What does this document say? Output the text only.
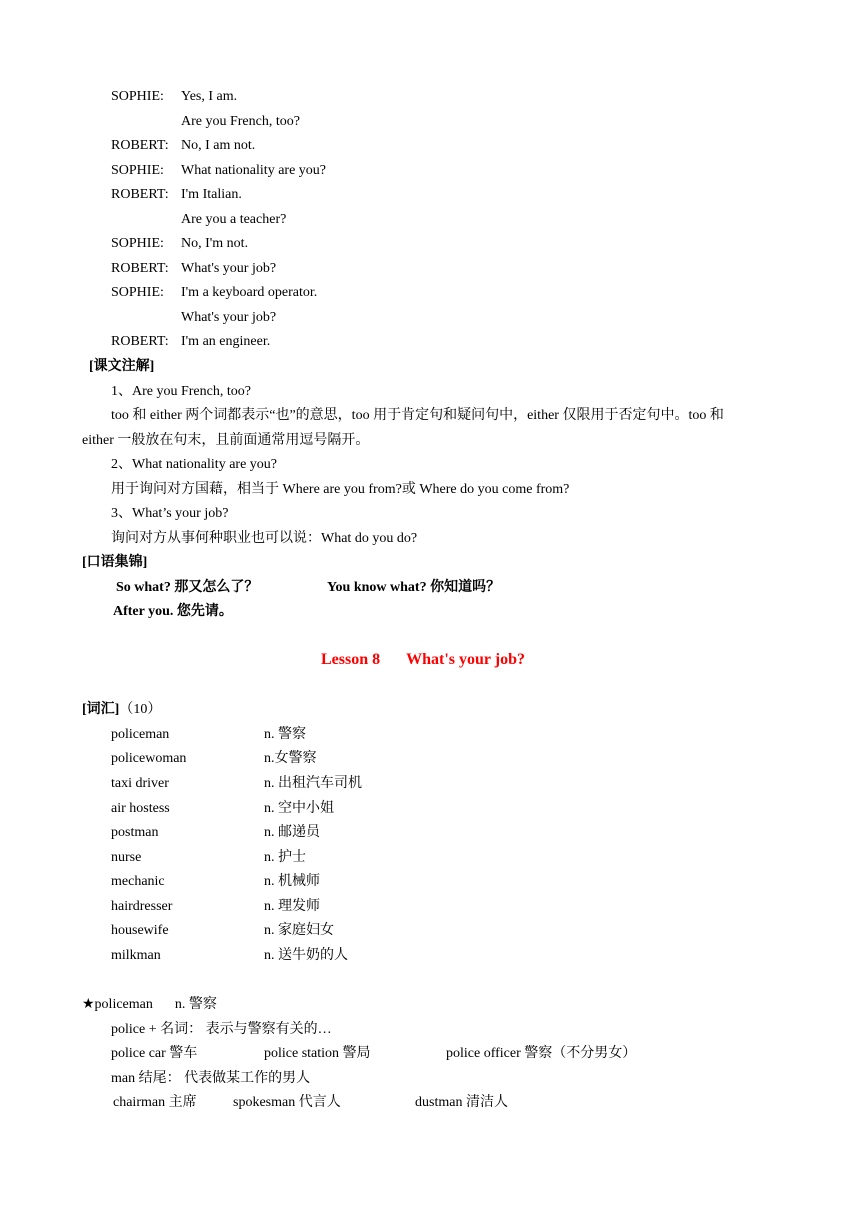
SOPHIE: Yes, I am.
Are you French, too?
ROBERT: No, I am not.
SOPHIE: What nationality are you?
ROBERT: I'm Italian.
Are you a teacher?
SOPHIE: No, I'm not.
ROBERT: What's your job?
SOPHIE: I'm a keyboard operator.
What's your job?
ROBERT: I'm an engineer.
[课文注解]
1、Are you French, too?
too 和 either 两个词都表示“也”的意思，too 用于肯定句和疑问句中，either 仅限用于否定句中。too 和
either 一般放在句末，且前面通常用逗号隔开。
2、What nationality are you?
用于询问对方国藉，相当于 Where are you from?或 Where do you come from?
3、What’s your job?
询问对方从事何种职业也可以说：What do you do?
[口语集锦]
So what? 那又怎么了？	You know what? 你知道吗？
After you. 您先请。
Lesson 8 What's your job?
[词汇]（10）
policeman	n. 警察
policewoman	n.女警察
taxi driver	n. 出租汽车司机
air hostess	n. 空中小姐
postman	n. 邮递员
nurse	n. 护士
mechanic	n. 机械师
hairdresser	n. 理发师
housewife	n. 家庭妇女
milkman	n. 送牛奶的人
★policeman n. 警察
police + 名词： 表示与警察有关的…
police car 警车	police station 警局	police officer 警察（不分男女）
man 结尾： 代表做某工作的男人
chairman 主席	spokesman 代言人	dustman 清洁人
